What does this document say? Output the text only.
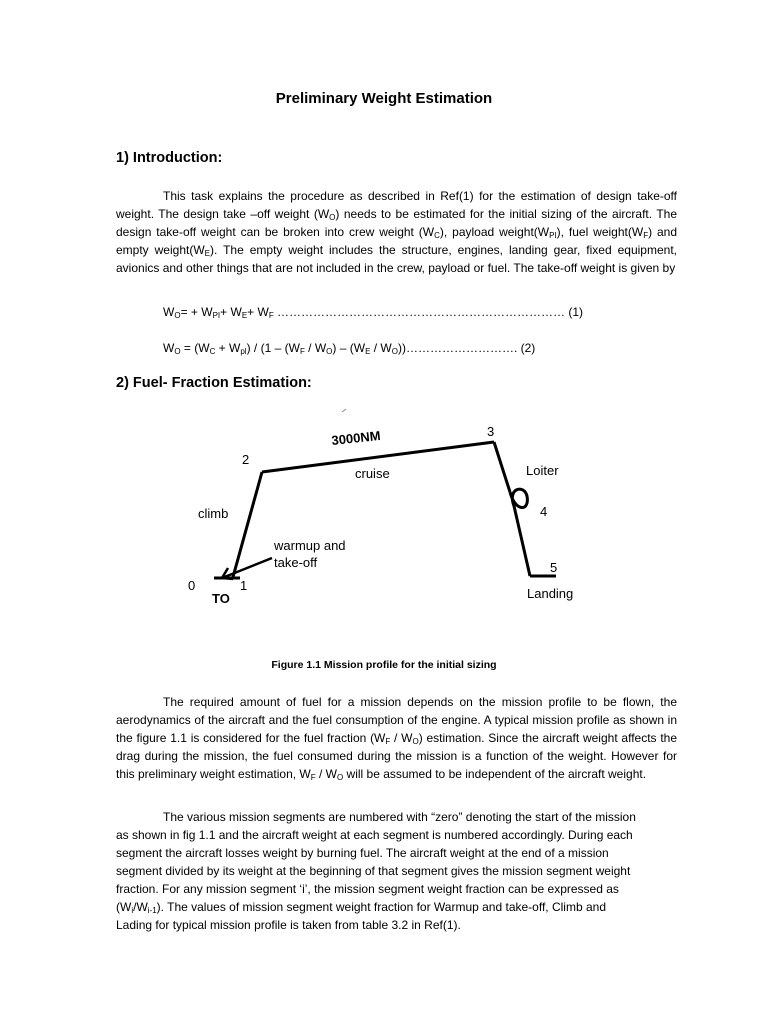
Preliminary Weight Estimation
1) Introduction:

This task explains the procedure as described in Ref(1) for the estimation of design take-off weight. The design take –off weight $(W_O)$ needs to be estimated for the initial sizing of the aircraft. The design take-off weight can be broken into crew weight $(W_C)$, payload $weight(W_{PI})$, fuel $weight(W_F)$ and empty $weight(W_E)$. The empty weight includes the structure, engines, landing gear, fixed equipment, avionics and other things that are not included in the crew, payload or fuel. The take-off weight is given by

$W_O= + W_{PI}+ W_E+ W_F$ ……………………………………………………………… (1)

$W_O = (W_C + W_{pl}) / (1 - (W_F / W_O) - (W_E$ / $W_O))\dots\dots\dots\dots\dots\dots\dots\dots\dots$. (2)

2) Fuel- Fraction Estimation:
3000NM
cruise
climb
Loiter
warmup and
take-off
TO	Landing
0	1
2
3
4
5
Figure 1.1 Mission profile for the initial sizing

The required amount of fuel for a mission depends on the mission profile to be flown, the aerodynamics of the aircraft and the fuel consumption of the engine. A typical mission profile as shown in the figure 1.1 is considered for the fuel fraction $(W_F / W_O)$ estimation. Since the aircraft weight affects the drag during the mission, the fuel consumed during the mission is a function of the weight. However for this preliminary weight estimation, $W_F / W_O$ will be assumed to be independent of the aircraft weight.

The various mission segments are numbered with “zero” denoting the start of the mission as shown in fig 1.1 and the aircraft weight at each segment is numbered accordingly. During each segment the aircraft losses weight by burning fuel. The aircraft weight at the end of a mission segment divided by its weight at the beginning of that segment gives the mission segment weight fraction. For any mission segment ‘i’, the mission segment weight fraction can be expressed as $(W_i/W_{i-1})$. The values of mission segment weight fraction for Warmup and take-off, Climb and Lading for typical mission profile is taken from table 3.2 in Ref(1).
